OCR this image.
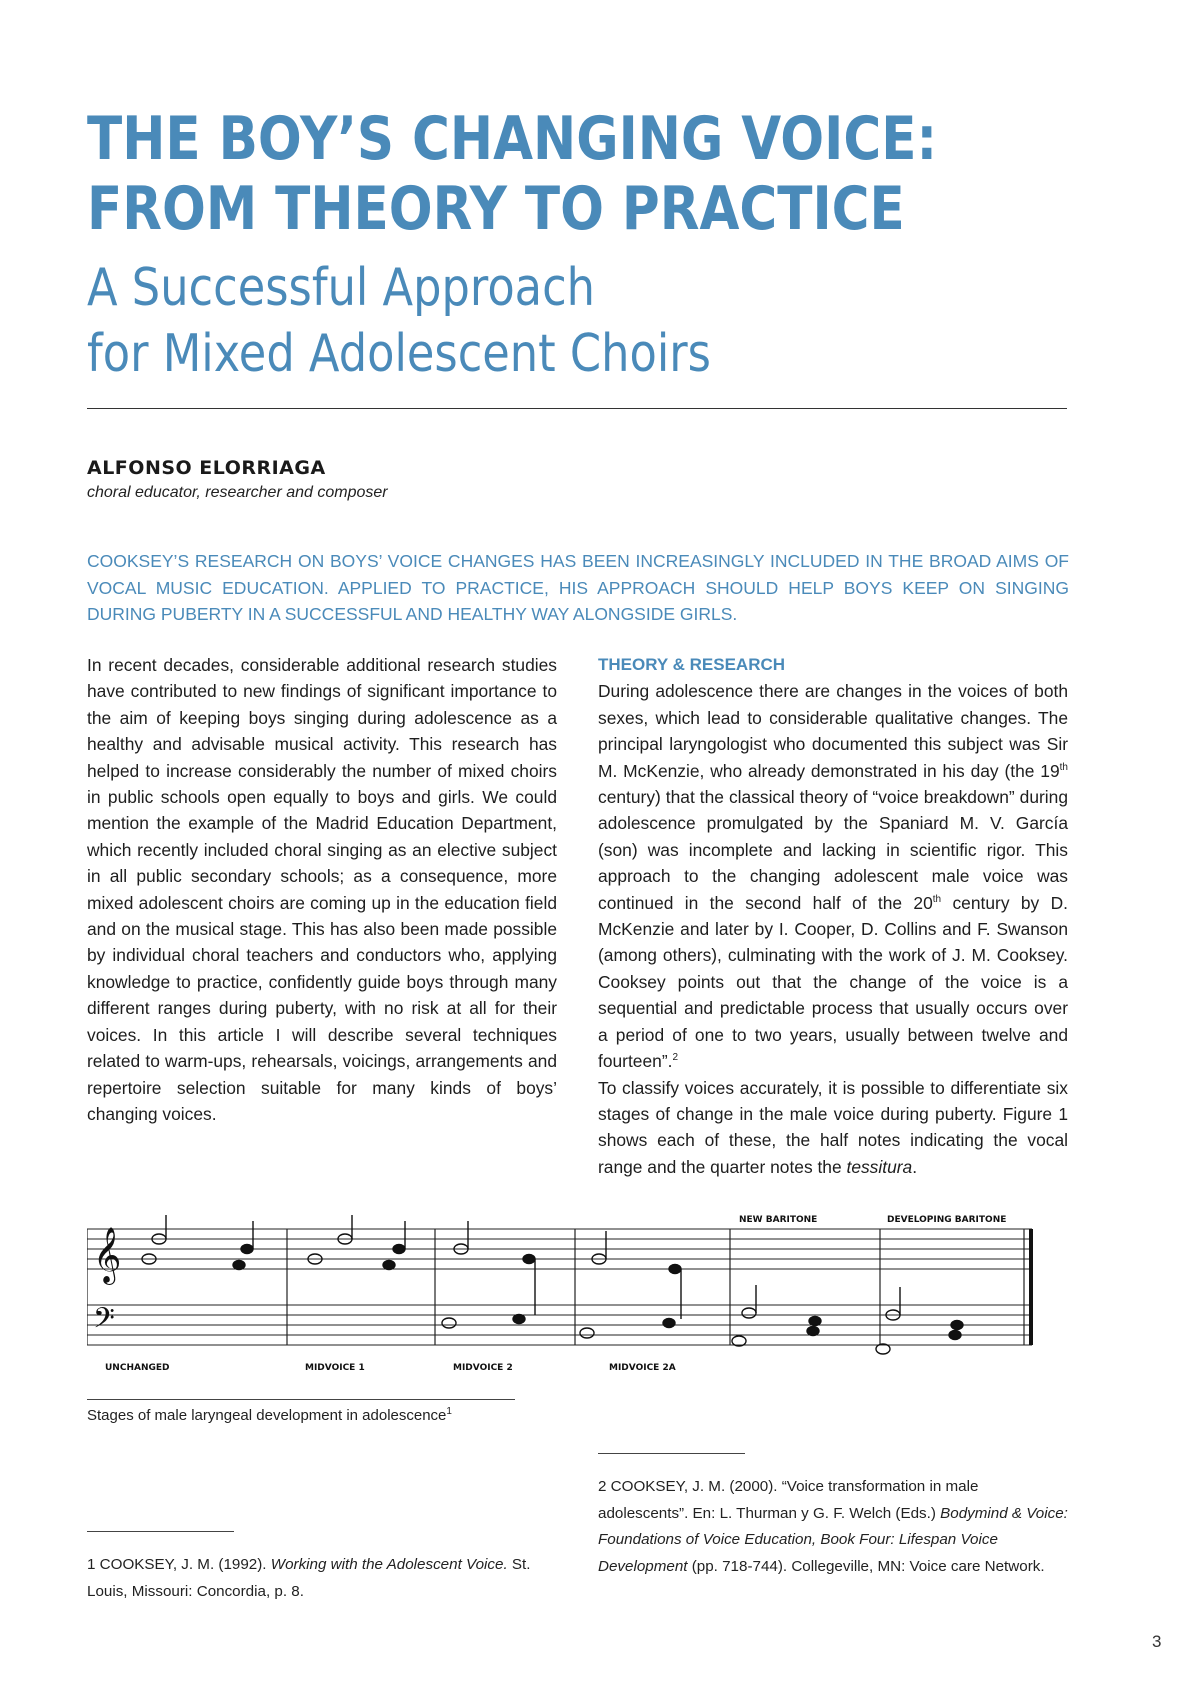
THE BOY’S CHANGING VOICE:
FROM THEORY TO PRACTICE
A Successful Approach
for Mixed Adolescent Choirs
ALFONSO ELORRIAGA
choral educator, researcher and composer
COOKSEY’S RESEARCH ON BOYS’ VOICE CHANGES HAS BEEN INCREASINGLY INCLUDED IN THE BROAD AIMS OF VOCAL MUSIC EDUCATION. APPLIED TO PRACTICE, HIS APPROACH SHOULD HELP BOYS KEEP ON SINGING DURING PUBERTY IN A SUCCESSFUL AND HEALTHY WAY ALONGSIDE GIRLS.

In recent decades, considerable additional research studies have contributed to new findings of significant importance to the aim of keeping boys singing during adolescence as a healthy and advisable musical activity. This research has helped to increase considerably the number of mixed choirs in public schools open equally to boys and girls. We could mention the example of the Madrid Education Department, which recently included choral singing as an elective subject in all public secondary schools; as a consequence, more mixed adolescent choirs are coming up in the education field and on the musical stage. This has also been made possible by individual choral teachers and conductors who, applying knowledge to practice, confidently guide boys through many different ranges during puberty, with no risk at all for their voices. In this article I will describe several techniques related to warm-ups, rehearsals, voicings, arrangements and repertoire selection suitable for many kinds of boys’ changing voices.

THEORY & RESEARCH

During adolescence there are changes in the voices of both sexes, which lead to considerable qualitative changes. The principal laryngologist who documented this subject was Sir M. McKenzie, who already demonstrated in his day (the 19th century) that the classical theory of “voice breakdown” during adolescence promulgated by the Spaniard M. V. García (son) was incomplete and lacking in scientific rigor. This approach to the changing adolescent male voice was continued in the second half of the 20th century by D. McKenzie and later by I. Cooper, D. Collins and F. Swanson (among others), culminating with the work of J. M. Cooksey. Cooksey points out that the change of the voice is a sequential and predictable process that usually occurs over a period of one to two years, usually between twelve and fourteen”.$^2$

To classify voices accurately, it is possible to differentiate six stages of change in the male voice during puberty. Figure 1 shows each of these, the half notes indicating the vocal range and the quarter notes the tessitura.

𝄞
𝄢
UNCHANGED	MIDVOICE 1	MIDVOICE 2	MIDVOICE 2A
NEW BARITONE	DEVELOPING BARITONE
Stages of male laryngeal development in adolescence$^1$
2 COOKSEY, J. M. (2000). “Voice transformation in male adolescents”. En: L. Thurman y G. F. Welch (Eds.) Bodymind & Voice: Foundations of Voice Education, Book Four: Lifespan Voice Development (pp. 718-744). Collegeville, MN: Voice care Network.
1 COOKSEY, J. M. (1992). Working with the Adolescent Voice. St. Louis, Missouri: Concordia, p. 8.
3
